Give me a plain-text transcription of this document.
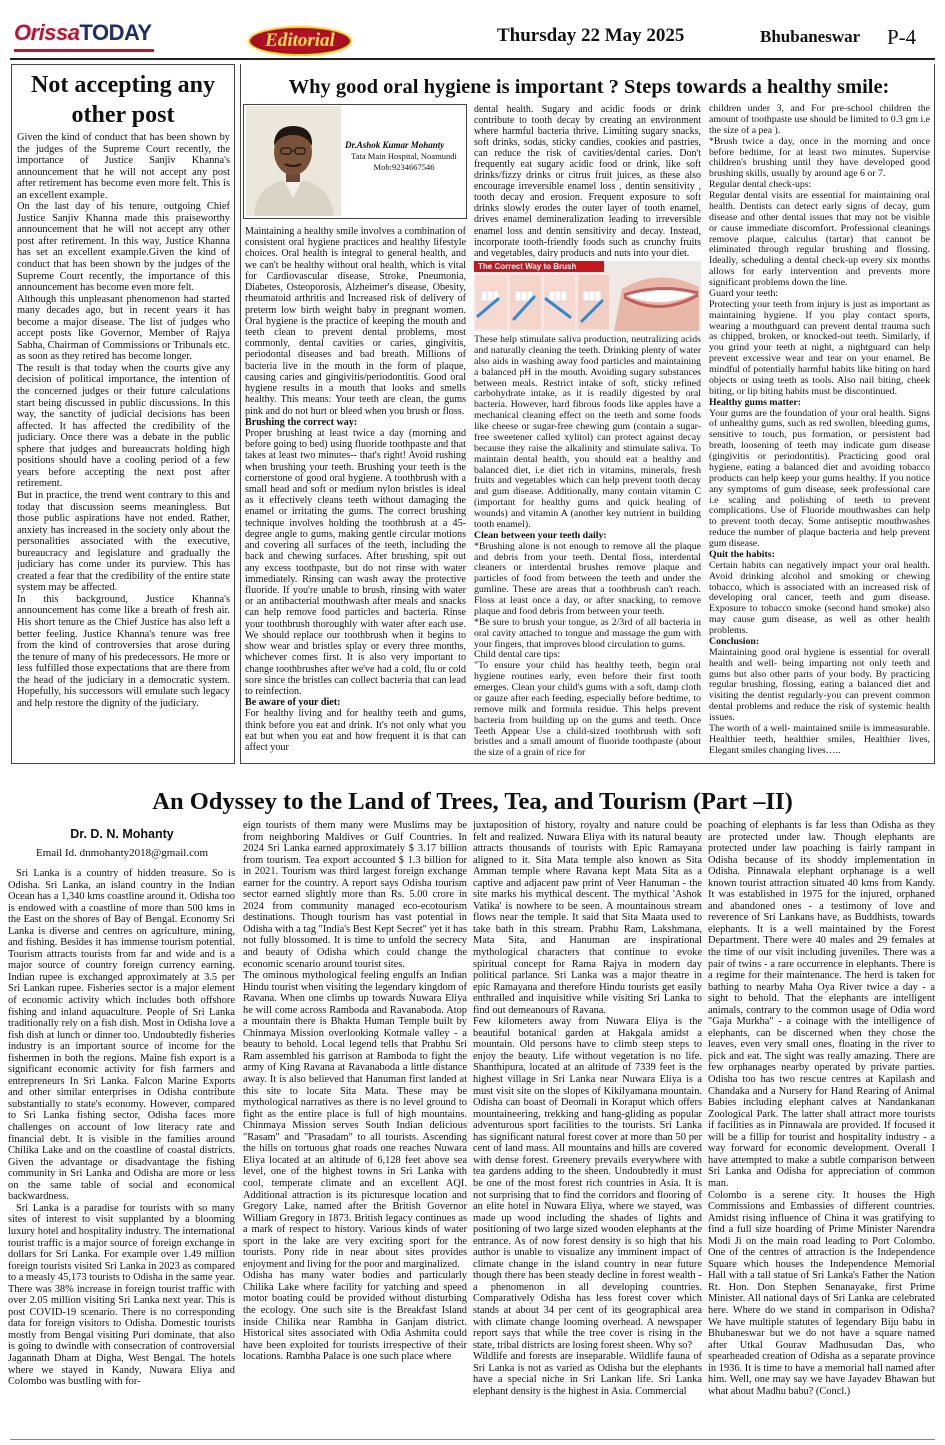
OrissaTODAY	Editorial	Thursday 22 May 2025	Bhubaneswar P-4
Not accepting any other post

Given the kind of conduct that has been shown by the judges of the Supreme Court recently, the importance of Justice Sanjiv Khanna's announcement that he will not accept any post after retirement has become even more felt. This is an excellent example.

On the last day of his tenure, outgoing Chief Justice Sanjiv Khanna made this praiseworthy announcement that he will not accept any other post after retirement. In this way, Justice Khanna has set an excellent example.Given the kind of conduct that has been shown by the judges of the Supreme Court recently, the importance of this announcement has become even more felt.

Although this unpleasant phenomenon had started many decades ago, but in recent years it has become a major disease. The list of judges who accept posts like Governor, Member of Rajya Sabha, Chairman of Commissions or Tribunals etc. as soon as they retired has become longer.

The result is that today when the courts give any decision of political importance, the intention of the concerned judges or their future calculations start being discussed in public discussions. In this way, the sanctity of judicial decisions has been affected. It has affected the credibility of the judiciary. Once there was a debate in the public sphere that judges and bureaucrats holding high positions should have a cooling period of a few years before accepting the next post after retirement.

But in practice, the trend went contrary to this and today that discussion seems meaningless. But those public aspirations have not ended. Rather, anxiety has increased in the society only about the personalities associated with the executive, bureaucracy and legislature and gradually the judiciary has come under its purview. This has created a fear that the credibility of the entire state system may be affected.

In this background, Justice Khanna's announcement has come like a breath of fresh air. His short tenure as the Chief Justice has also left a better feeling. Justice Khanna's tenure was free from the kind of controversies that arose during the tenure of many of his predecessors. He more or less fulfilled those expectations that are there from the head of the judiciary in a democratic system. Hopefully, his successors will emulate such legacy and help restore the dignity of the judiciary.

Why good oral hygiene is important ? Steps towards a healthy smile:
Dr.Ashok Kumar Mohanty
Tata Main Hospital, Noamundi
Mob:9234667546

Maintaining a healthy smile involves a combination of consistent oral hygiene practices and healthy lifestyle choices. Oral health is integral to general health, and we can't be healthy without oral health, which is vital for Cardiovascular disease, Stroke, Pneumonia, Diabetes, Osteoporosis, Alzheimer's disease, Obesity, rheumatoid arthritis and Increased risk of delivery of preterm low birth weight baby in pregnant women. Oral hygiene is the practice of keeping the mouth and teeth clean to prevent dental problems, most commonly, dental cavities or caries, gingivitis, periodontal diseases and bad breath. Millions of bacteria live in the mouth in the form of plaque, causing caries and gingivitis/periodontitis. Good oral hygiene results in a mouth that looks and smells healthy. This means: Your teeth are clean, the gums pink and do not hurt or bleed when you brush or floss.

Brushing the correct way:

Proper brushing at least twice a day (morning and before going to bed) using fluoride toothpaste and that takes at least two minutes-- that's right! Avoid rushing when brushing your teeth. Brushing your teeth is the cornerstone of good oral hygiene. A toothbrush with a small head and soft or medium nylon bristles is ideal as it effectively cleans teeth without damaging the enamel or irritating the gums. The correct brushing technique involves holding the toothbrush at a 45-degree angle to gums, making gentle circular motions and covering all surfaces of the teeth, including the back and chewing surfaces. After brushing, spit out any excess toothpaste, but do not rinse with water immediately. Rinsing can wash away the protective fluoride. If you're unable to brush, rinsing with water or an antibacterial mouthwash after meals and snacks can help remove food particles and bacteria. Rinse your toothbrush thoroughly with water after each use. We should replace our toothbrush when it begins to show wear and bristles splay or every three months, whichever comes first. It is also very important to change toothbrushes after we've had a cold, flu or cold sore since the bristles can collect bacteria that can lead to reinfection.

Be aware of your diet:

For healthy living and for healthy teeth and gums, think before you eat and drink. It's not only what you eat but when you eat and how frequent it is that can affect your

dental health. Sugary and acidic foods or drink contribute to tooth decay by creating an environment where harmful bacteria thrive. Limiting sugary snacks, soft drinks, sodas, sticky candies, cookies and pastries, can reduce the risk of cavities/dental caries. Don't frequently eat sugary acidic food or drink, like soft drinks/fizzy drinks or citrus fruit juices, as these also encourage irreversible enamel loss , dentin sensitivity , tooth decay and erosion. Frequent exposure to soft drinks slowly erodes the outer layer of tooth enamel, drives enamel demineralization leading to irreversible enamel loss and dentin sensitivity and decay. Instead, incorporate tooth-friendly foods such as crunchy fruits and vegetables, dairy products and nuts into your diet.

The Correct Way to Brush

These help stimulate saliva production, neutralizing acids and naturally cleaning the teeth. Drinking plenty of water also aids in washing away food particles and maintaining a balanced pH in the mouth. Avoiding sugary substances between meals. Restrict intake of soft, sticky refined carbohydrate intake, as it is readily digested by oral bacteria. However, hard fibrous foods like apples have a mechanical cleaning effect on the teeth and some foods like cheese or sugar-free chewing gum (contain a sugar-free sweetener called xylitol) can protect against decay because they raise the alkalinity and stimulate saliva. To maintain dental health, you should eat a healthy and balanced diet, i.e diet rich in vitamins, minerals, fresh fruits and vegetables which can help prevent tooth decay and gum disease. Additionally, many contain vitamin C (important for healthy gums and quick healing of wounds) and vitamin A (another key nutrient in building tooth enamel).

Clean between your teeth daily:

*Brushing alone is not enough to remove all the plaque and debris from your teeth. Dental floss, interdental cleaners or interdental brushes remove plaque and particles of food from between the teeth and under the gumline. These are areas that a toothbrush can't reach. Floss at least once a day, or after snacking, to remove plaque and food debris from between your teeth.

*Be sure to brush your tongue, as 2/3rd of all bacteria in oral cavity attached to tongue and massage the gum with your fingers, that improves blood circulation to gums.

Child dental care tips:

"To ensure your child has healthy teeth, begin oral hygiene routines early, even before their first tooth emerges. Clean your child's gums with a soft, damp cloth or gauze after each feeding, especially before bedtime, to remove milk and formula residue. This helps prevent bacteria from building up on the gums and teeth. Once Teeth Appear Use a child-sized toothbrush with soft bristles and a small amount of fluoride toothpaste (about the size of a grain of rice for

children under 3, and For pre-school children the amount of toothpaste use should be limited to 0.3 gm i.e the size of a pea ).

*Brush twice a day, once in the morning and once before bedtime, for at least two minutes. Supervise children's brushing until they have developed good brushing skills, usually by around age 6 or 7.

Regular dental check-ups:

Regular dental visits are essential for maintaining oral health. Dentists can detect early signs of decay, gum disease and other dental issues that may not be visible or cause immediate discomfort. Professional cleanings remove plaque, calculus (tartar) that cannot be eliminated through regular brushing and flossing. Ideally, scheduling a dental check-up every six months allows for early intervention and prevents more significant problems down the line.

Guard your teeth:

Protecting your teeth from injury is just as important as maintaining hygiene. If you play contact sports, wearing a mouthguard can prevent dental trauma such as chipped, broken, or knocked-out teeth. Similarly, if you grind your teeth at night, a nightguard can help prevent excessive wear and tear on your enamel. Be mindful of potentially harmful habits like biting on hard objects or using teeth as tools. Also nail biting, cheek biting, or lip biting habits must be discontinued.

Healthy gums matter:

Your gums are the foundation of your oral health. Signs of unhealthy gums, such as red swollen, bleeding gums, sensitive to touch, pus formation, or persistent bad breath, loosening of teeth may indicate gum disease (gingivitis or periodontitis). Practicing good oral hygiene, eating a balanced diet and avoiding tobacco products can help keep your gums healthy. If you notice any symptoms of gum disease, seek professional care i.e scaling and polishing of teeth to prevent complications. Use of Fluoride mouthwashes can help to prevent tooth decay. Some antiseptic mouthwashes reduce the number of plaque bacteria and help prevent gum disease.

Quit the habits:

Certain habits can negatively impact your oral health. Avoid drinking alcohol and smoking or chewing tobacco, which is associated with an increased risk of developing oral cancer, teeth and gum disease. Exposure to tobacco smoke (second hand smoke) also may cause gum disease, as well as other health problems.

Conclusion:

Maintaining good oral hygiene is essential for overall health and well- being imparting not only teeth and gums but also other parts of your body. By practicing regular brushing, flossing, eating a balanced diet and visiting the dentist regularly-you can prevent common dental problems and reduce the risk of systemic health issues.

The worth of a well- maintained smile is immeasurable. Healthier teeth, healthier smiles, Healthier lives, Elegant smiles changing lives…..

An Odyssey to the Land of Trees, Tea, and Tourism (Part –II)
Dr. D. N. Mohanty
Email Id. dnmohanty2018@gmail.com

Sri Lanka is a country of hidden treasure. So is Odisha. Sri Lanka, an island country in the Indian Ocean has a 1,340 kms coastline around it. Odisha too is endowed with a coastline of more than 500 kms in the East on the shores of Bay of Bengal. Economy Sri Lanka is diverse and centres on agriculture, mining, and fishing. Besides it has immense tourism potential. Tourism attracts tourists from far and wide and is a major source of country foreign currency earning. Indian rupee is exchanged approximately at 3.5 per Sri Lankan rupee. Fisheries sector is a major element of economic activity which includes both offshore fishing and inland aquaculture. People of Sri Lanka traditionally rely on a fish dish. Most in Odisha love a fish dish at lunch or dinner too. Undoubtedly fisheries industry is an important source of income for the fishermen in both the regions. Maine fish export is a significant economic activity for fish farmers and entrepreneurs In Sri Lanka. Falcon Marine Exports and other similar enterprises in Odisha contribute substantially to state's economy. However, compared to Sri Lanka fishing sector, Odisha faces more challenges on account of low literacy rate and financial debt. It is visible in the families around Chilika Lake and on the coastline of coastal districts. Given the advantage or disadvantage the fishing community in Sri Lanka and Odisha are more or less on the same table of social and economical backwardness.

Sri Lanka is a paradise for tourists with so many sites of interest to visit supplanted by a blooming luxury hotel and hospitality industry. The international tourist traffic is a major source of foreign exchange in dollars for Sri Lanka. For example over 1.49 million foreign tourists visited Sri Lanka in 2023 as compared to a measly 45,173 tourists to Odisha in the same year. There was 38% increase in foreign tourist traffic with over 2.05 million visiting Sri Lanka next year. This is post COVID-19 scenario. There is no corresponding data for foreign visitors to Odisha. Domestic tourists mostly from Bengal visiting Puri dominate, that also is going to dwindle with consecration of controversial Jagannath Dham at Digha, West Bengal. The hotels where we stayed in Kandy, Nuwara Eliya and Colombo was bustling with for-

eign tourists of them many were Muslims may be from neighboring Maldives or Gulf Countries. In 2024 Sri Lanka earned approximately $ 3.17 billion from tourism. Tea export accounted $ 1.3 billion for in 2021. Tourism was third largest foreign exchange earner for the country. A report says Odisha tourism sector earned slightly more than Rs. 5.00 crore in 2024 from community managed eco-ecotourism destinations. Though tourism has vast potential in Odisha with a tag "India's Best Kept Secret" yet it has not fully blossomed. It is time to unfold the secrecy and beauty of Odisha which could change the economic scenario around tourist sites.

The ominous mythological feeling engulfs an Indian Hindu tourist when visiting the legendary kingdom of Ravana. When one climbs up towards Nuwara Eliya he will come across Ramboda and Ravanaboda. Atop a mountain there is Bhakta Human Temple built by Chinmaya Mission overlooking Kotmale valley - a beauty to behold. Local legend tells that Prabhu Sri Ram assembled his garrison at Ramboda to fight the army of King Ravana at Ravanaboda a little distance away. It is also believed that Hanuman first landed at this site to locate Sita Mata. These may be mythological narratives as there is no level ground to fight as the entire place is full of high mountains. Chinmaya Mission serves South Indian delicious "Rasam" and "Prasadam" to all tourists. Ascending the hills on tortuous ghat roads one reaches Nuwara Eliya located at an altitude of 6,128 feet above sea level, one of the highest towns in Sri Lanka with cool, temperate climate and an excellent AQI. Additional attraction is its picturesque location and Gregory Lake, named after the British Governor William Gregory in 1873. British legacy continues as a mark of respect to history. Various kinds of water sport in the lake are very exciting sport for the tourists. Pony ride in near about sites provides enjoyment and living for the poor and marginalized.

Odisha has many water bodies and particularly Chilika Lake where facility for yatching and speed motor boating could be provided without disturbing the ecology. One such site is the Breakfast Island inside Chilika near Rambha in Ganjam district. Historical sites associated with Odia Ashmita could have been exploited for tourists irrespective of their locations. Rambha Palace is one such place where

juxtaposition of history, royalty and nature could be felt and realized. Nuwara Eliya with its natural beauty attracts thousands of tourists with Epic Ramayana aligned to it. Sita Mata temple also known as Sita Amman temple where Ravana kept Mata Sita as a captive and adjacent paw print of Veer Hanuman - the site marks his mythical descent. The mythical 'Ashok Vatika' is nowhere to be seen. A mountainous stream flows near the temple. It said that Sita Maata used to take bath in this stream. Prabhu Ram, Lakshmana, Mata Sita, and Hanuman are inspirational mythological characters that continue to evoke spiritual concept for Rama Rajya in modern day political parlance. Sri Lanka was a major theatre in epic Ramayana and therefore Hindu tourists get easily enthralled and inquisitive while visiting Sri Lanka to find out demeanours of Ravana.

Few kilometers away from Nuwara Eliya is the beautiful botanical garden at Hakgala amidst a mountain. Old persons have to climb steep steps to enjoy the beauty. Life without vegetation is no life. Shanthipura, located at an altitude of 7339 feet is the highest village in Sri Lanka near Nuwara Eliya is a must visit site on the slopes of Kikilyamana mountain. Odisha can boast of Deomali in Koraput which offers mountaineering, trekking and hang-gliding as popular adventurous sport facilities to the tourists. Sri Lanka has significant natural forest cover at more than 50 per cent of land mass. All mountains and hills are covered with dense forest. Greenery prevails everywhere with tea gardens adding to the sheen. Undoubtedly it must be one of the most forest rich countries in Asia. It is not surprising that to find the corridors and flooring of an elite hotel in Nuwara Eliya, where we stayed, was made up wood including the shades of lights and positioning of two large sized wooden elephants at the entrance. As of now forest density is so high that his author is unable to visualize any imminent impact of climate change in the island country in near future though there has been steady decline in forest wealth - a phenomenon in all developing countries. Comparatively Odisha has less forest cover which stands at about 34 per cent of its geographical area with climate change looming overhead. A newspaper report says that while the tree cover is rising in the state, tribal districts are losing forest sheen. Why so?

Wildlife and forests are inseparable. Wildlife fauna of Sri Lanka is not as varied as Odisha but the elephants have a special niche in Sri Lankan life. Sri Lanka elephant density is the highest in Asia. Commercial

poaching of elephants is far less than Odisha as they are protected under law. Though elephants are protected under law poaching is fairly rampant in Odisha because of its shoddy implementation in Odisha. Pinnawala elephant orphanage is a well known tourist attraction situated 40 kms from Kandy. It was established in 1975 for the injured, orphaned and abandoned ones - a testimony of love and reverence of Sri Lankans have, as Buddhists, towards elephants. It is a well maintained by the Forest Department. There were 40 males and 29 females at the time of our visit including juveniles. There was a pair of twins - a rare occurrence in elephants. There is a regime for their maintenance. The herd is taken for bathing to nearby Maha Oya River twice a day - a sight to behold. That the elephants are intelligent animals, contrary to the common usage of Odia word "Gaja Murkha" - a coinage with the intelligence of elephants, can be discerned when they chose the leaves, even very small ones, floating in the river to pick and eat. The sight was really amazing. There are few orphanages nearby operated by private parties. Odisha too has two rescue centres at Kapilash and Chandaka and a Nursery for Hand Rearing of Animal Babies including elephant calves at Nandankanan Zoological Park. The latter shall attract more tourists if facilities as in Pinnawala are provided. If focused it will be a fillip for tourist and hospitality industry - a way forward for economic development. Overall I have attempted to make a subtle comparison between Sri Lanka and Odisha for appreciation of common man.

Colombo is a serene city. It houses the High Commissions and Embassies of different countries. Amidst rising influence of China it was gratifying to find a full size hoarding of Prime Minister Narendra Modi Ji on the main road leading to Port Colombo. One of the centres of attraction is the Independence Square which houses the Independence Memorial Hall with a tall statue of Sri Lanka's Father the Nation Rt. Hon. Don Stephen Senanayake, first Prime Minister. All national days of Sri Lanka are celebrated here. Where do we stand in comparison in Odisha? We have multiple statutes of legendary Biju babu in Bhubaneswar but we do not have a square named after Utkal Gourav Madhusudan Das, who spearheaded creation of Odisha as a separate province in 1936. It is time to have a memorial hall named after him. Well, one may say we have Jayadev Bhawan but what about Madhu babu? (Concl.)
